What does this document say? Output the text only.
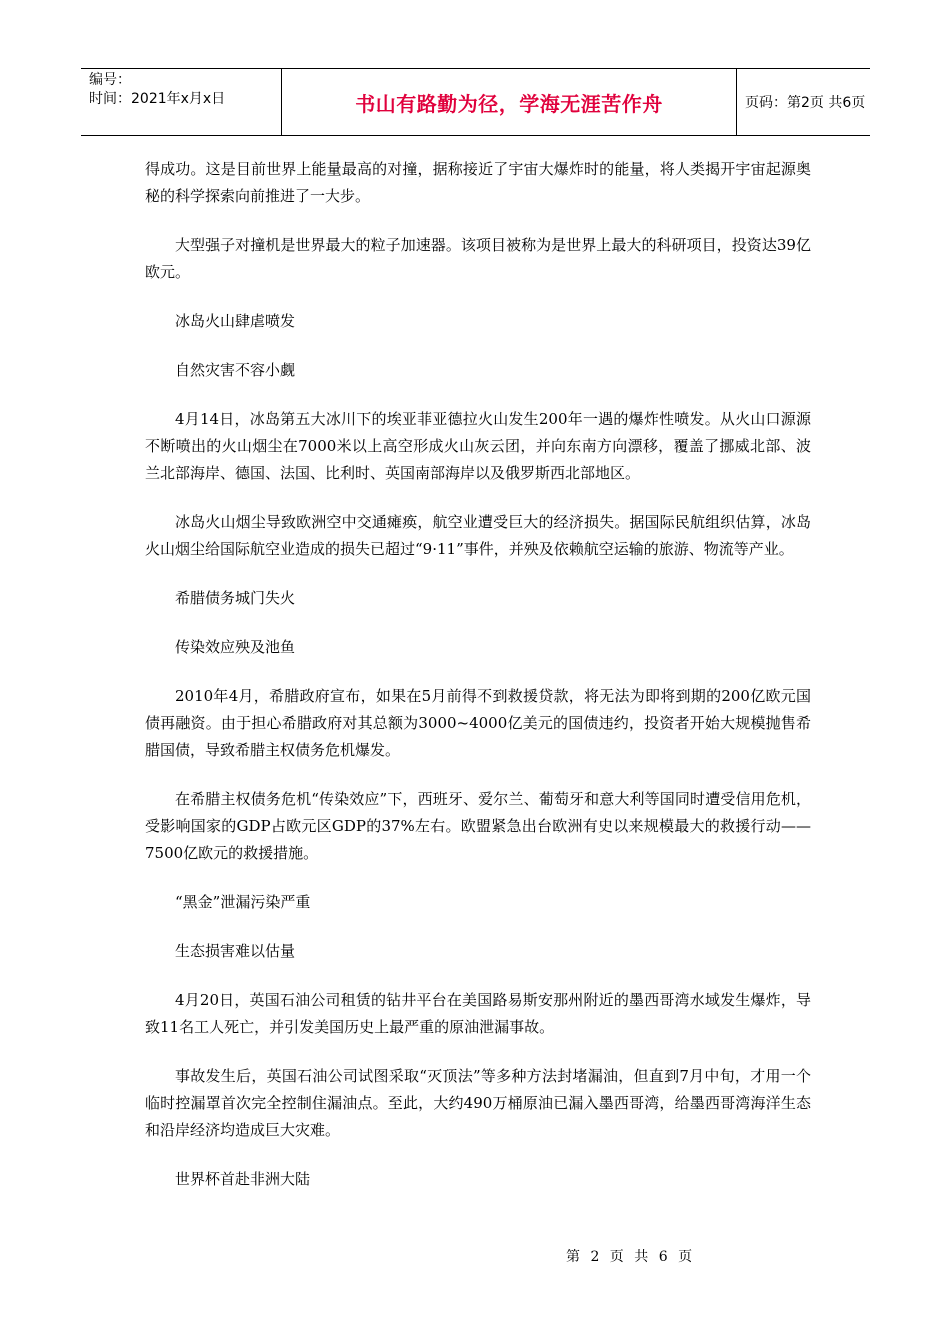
编号：
时间：2021年x月x日	书山有路勤为径，学海无涯苦作舟	页码：第2页 共6页

得成功。这是目前世界上能量最高的对撞，据称接近了宇宙大爆炸时的能量，将人类揭开宇宙起源奥秘的科学探索向前推进了一大步。

大型强子对撞机是世界最大的粒子加速器。该项目被称为是世界上最大的科研项目，投资达39亿欧元。

冰岛火山肆虐喷发

自然灾害不容小觑

4月14日，冰岛第五大冰川下的埃亚菲亚德拉火山发生200年一遇的爆炸性喷发。从火山口源源不断喷出的火山烟尘在7000米以上高空形成火山灰云团，并向东南方向漂移，覆盖了挪威北部、波兰北部海岸、德国、法国、比利时、英国南部海岸以及俄罗斯西北部地区。

冰岛火山烟尘导致欧洲空中交通瘫痪，航空业遭受巨大的经济损失。据国际民航组织估算，冰岛火山烟尘给国际航空业造成的损失已超过“9·11”事件，并殃及依赖航空运输的旅游、物流等产业。

希腊债务城门失火

传染效应殃及池鱼

2010年4月，希腊政府宣布，如果在5月前得不到救援贷款，将无法为即将到期的200亿欧元国债再融资。由于担心希腊政府对其总额为3000~4000亿美元的国债违约，投资者开始大规模抛售希腊国债，导致希腊主权债务危机爆发。

在希腊主权债务危机“传染效应”下，西班牙、爱尔兰、葡萄牙和意大利等国同时遭受信用危机，受影响国家的GDP占欧元区GDP的37%左右。欧盟紧急出台欧洲有史以来规模最大的救援行动——7500亿欧元的救援措施。

“黑金”泄漏污染严重

生态损害难以估量

4月20日，英国石油公司租赁的钻井平台在美国路易斯安那州附近的墨西哥湾水域发生爆炸，导致11名工人死亡，并引发美国历史上最严重的原油泄漏事故。

事故发生后，英国石油公司试图采取“灭顶法”等多种方法封堵漏油，但直到7月中旬，才用一个临时控漏罩首次完全控制住漏油点。至此，大约490万桶原油已漏入墨西哥湾，给墨西哥湾海洋生态和沿岸经济均造成巨大灾难。

世界杯首赴非洲大陆

第 2 页 共 6 页
